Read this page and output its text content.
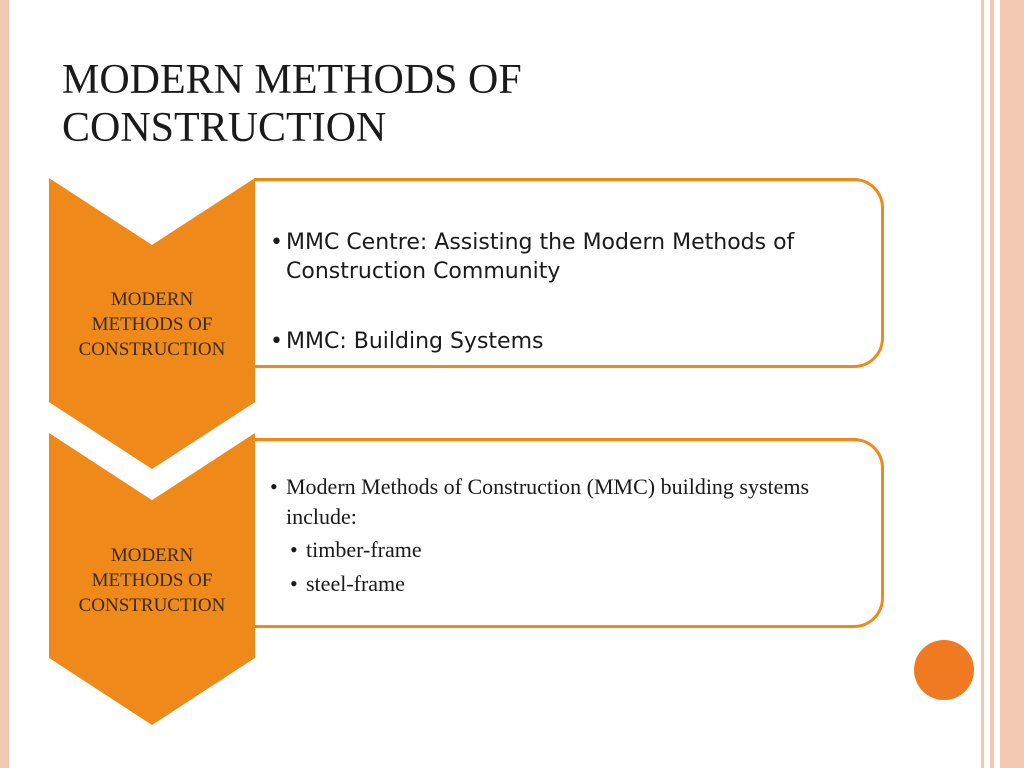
MODERN METHODS OF
CONSTRUCTION
MODERN
METHODS OF
CONSTRUCTION
• MMC Centre: Assisting the Modern Methods of Construction Community
• MMC: Building Systems
MODERN
METHODS OF
CONSTRUCTION
• Modern Methods of Construction (MMC) building systems include:
• timber-frame
• steel-frame
